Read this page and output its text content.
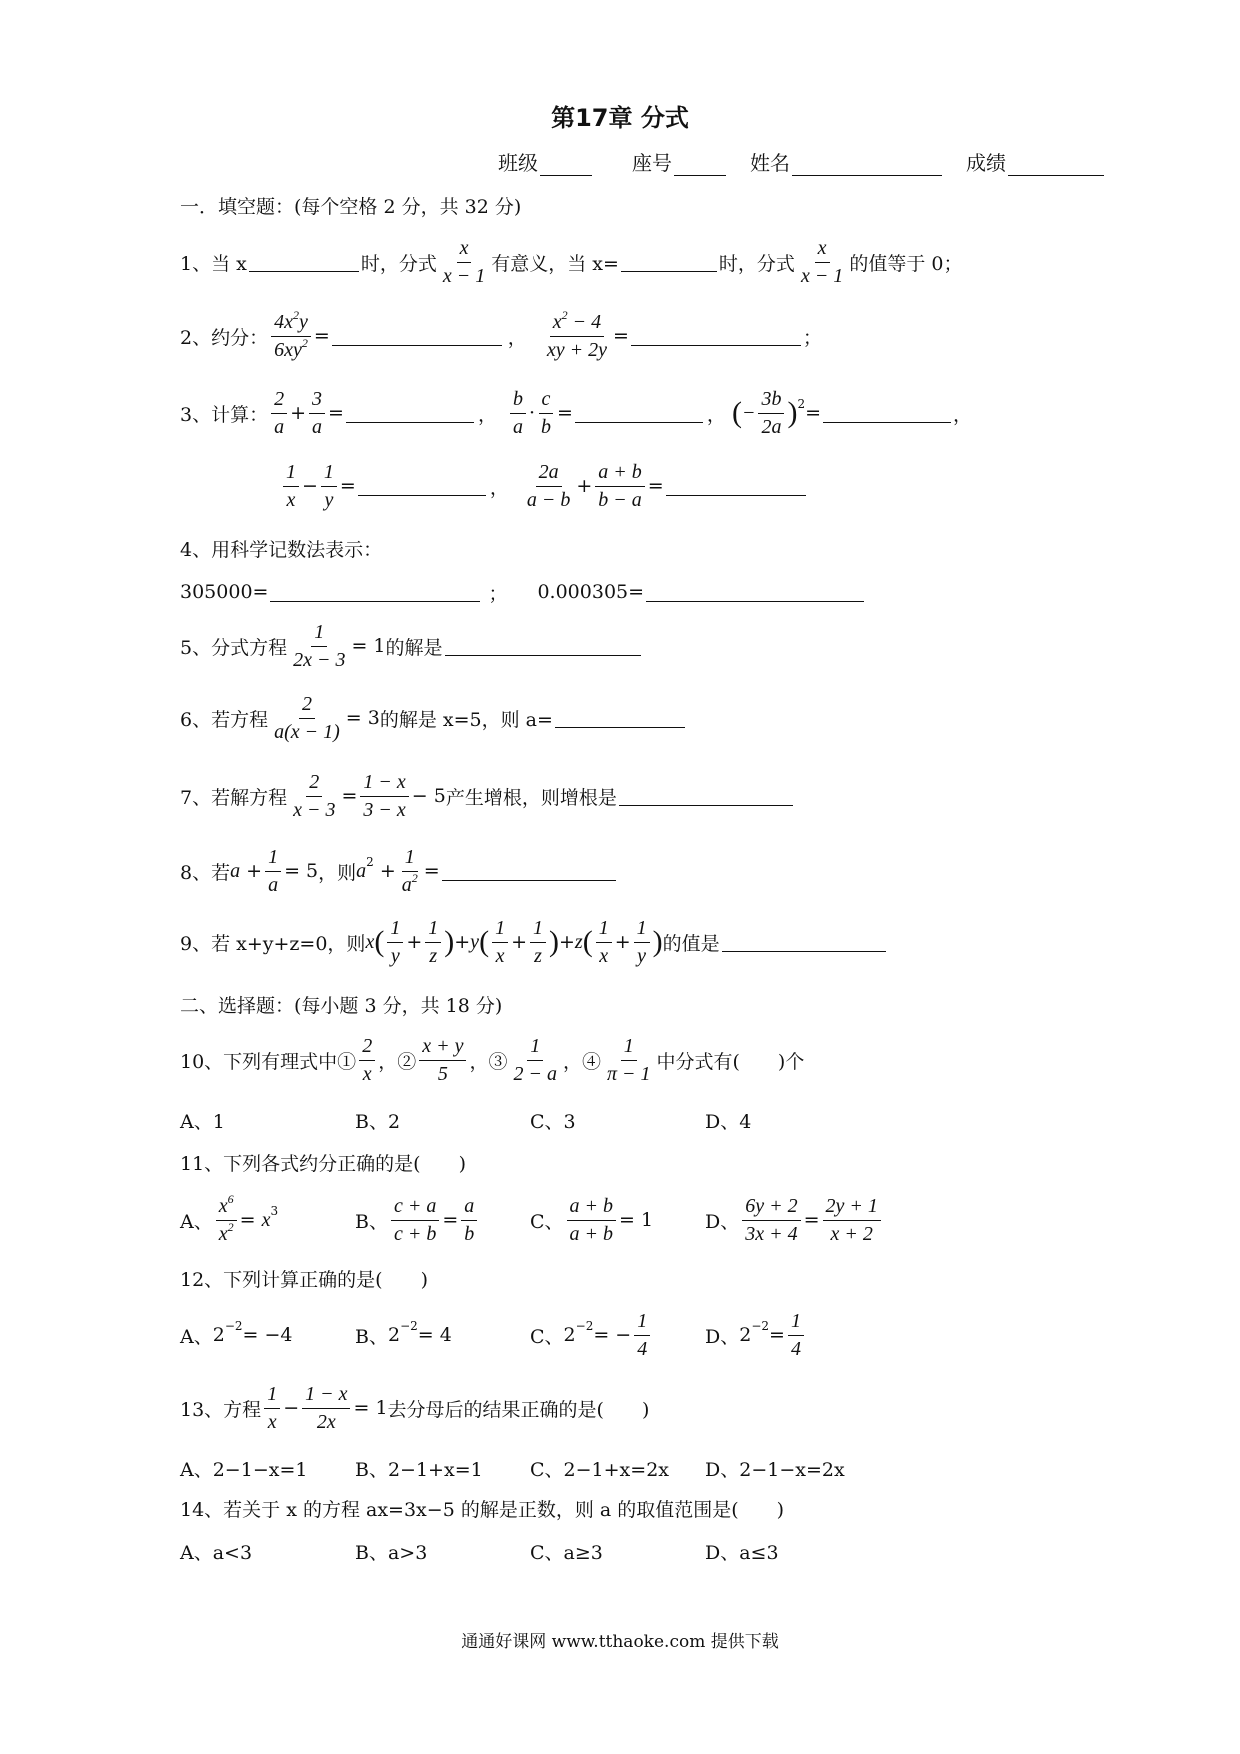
第17章 分式
班级	座号	姓名	成绩
一．填空题：(每个空格 2 分，共 32 分)
1、当 x	时，分式 $\frac{x}{x - 1}$ 有意义，当 x=	时，分式 $\frac{x}{x - 1}$ 的值等于 0；
2、约分： $\frac{4x^2y}{6xy^2}$ =	， $\frac{x^2 - 4}{xy + 2y}$ =	；
3、计算： $\frac{2}{a} + \frac{3}{a}$ =	， $\frac{b}{a} \cdot \frac{c}{b}$ =	， ( − $\frac{3b}{2a}$ ) 2 =	，
$\frac{1}{x} - \frac{1}{y}$ =	， $\frac{2a}{a - b} + \frac{a + b}{b - a}$ =
4、用科学记数法表示：
305000=	； 0.000305=
5、分式方程 $\frac{1}{2x - 3} = 1$ 的解是
6、若方程 $\frac{2}{a(x - 1)} = 3$ 的解是 x=5，则 a=
7、若解方程 $\frac{2}{x - 3} = \frac{1 - x}{3 - x} - 5$ 产生增根，则增根是
8、若 $a + \frac{1}{a} = 5$ ，则 a $2 + \frac{1}{a^2}$ =
9、若 x+y+z=0，则 x ( $\frac{1}{y} + \frac{1}{z}$ ) + y ( $\frac{1}{x} + \frac{1}{z}$ ) + z ( $\frac{1}{x} + \frac{1}{y}$ ) 的值是
二、选择题：(每小题 3 分，共 18 分)
10、下列有理式中① $\frac{2}{x}$ ，② $\frac{x + y}{5}$ ，③ $\frac{1}{2 - a}$ ，④ $\frac{1}{\pi - 1}$ 中分式有(　　)个
A、1	B、2	C、3	D、4
11、下列各式约分正确的是(　　)
A、 $\frac{x^6}{x^2} = x$ 3	B、 $\frac{c + a}{c + b} = \frac{a}{b}$	C、 $\frac{a + b}{a + b} = 1$	D、 $\frac{6y + 2}{3x + 4} = \frac{2y + 1}{x + 2}$
12、下列计算正确的是(　　)
A、 2 −2 = −4	B、 2 −2 = 4	C、 2 −2 = − $\frac{1}{4}$	D、 $2 -2 = \frac{1}{4}$
13、方程 $\frac{1}{x} - \frac{1 - x}{2x} = 1$ 去分母后的结果正确的是(　　)
A、2−1−x=1	B、2−1+x=1 C、2−1+x=2x D、2−1−x=2x
14、若关于 x 的方程 ax=3x−5 的解是正数，则 a 的取值范围是(　　)
A、a<3	B、a>3	C、a≥3	D、a≤3
通通好课网 www.tthaoke.com 提供下载
